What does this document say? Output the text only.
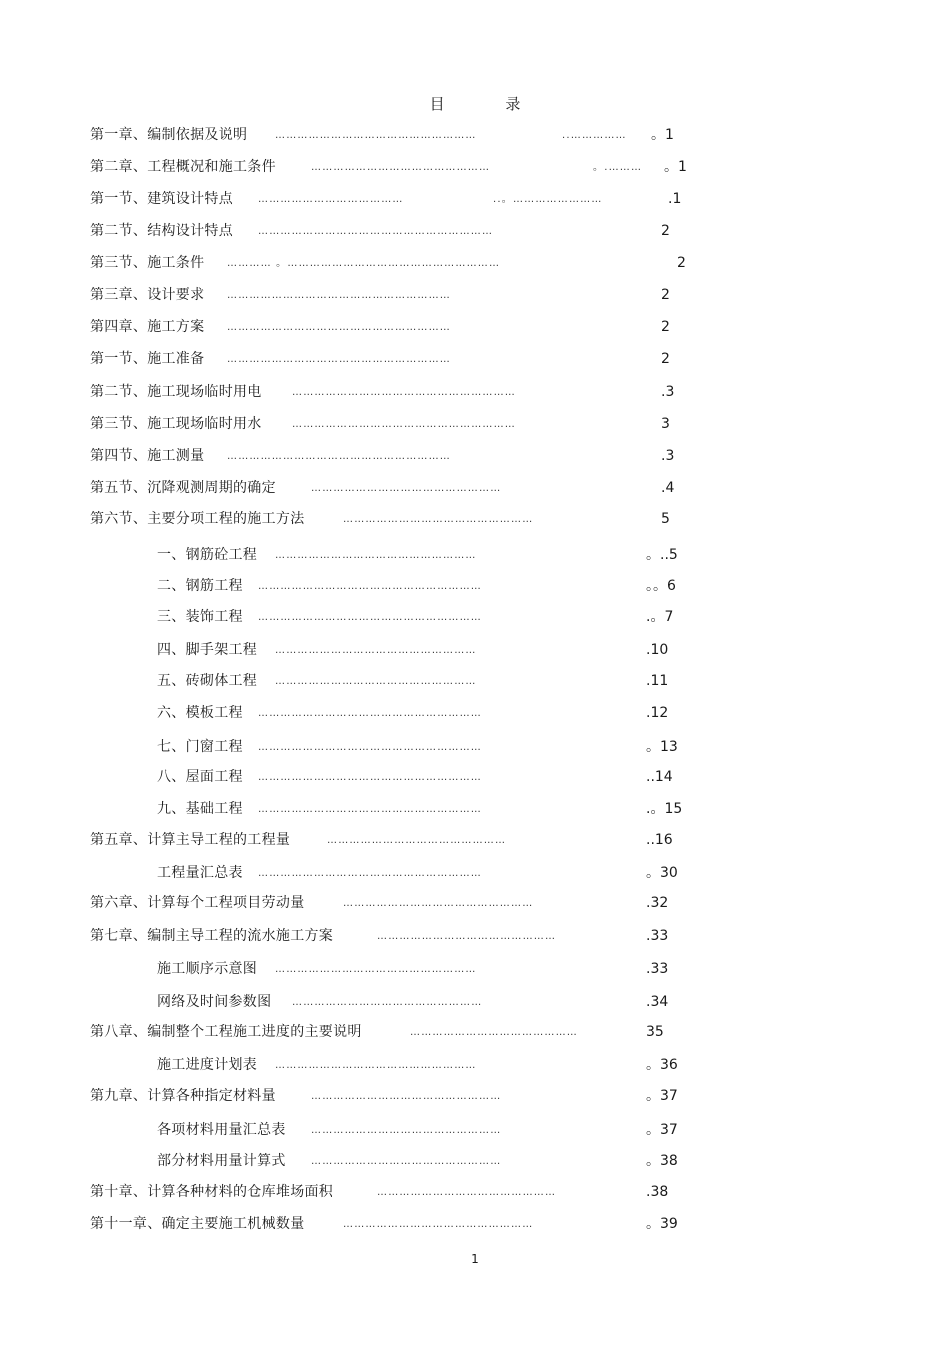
目 录
第一章、编制依据及说明	………………………………………………	..…………… 。1
第二章、工程概况和施工条件	…………………………………………	。.……… 。1
第一节、建筑设计特点	…………………………………	..。……………………	.1
第二节、结构设计特点	………………………………………………………	2
第三节、施工条件 ………… 。…………………………………………………	2
第三章、设计要求 ……………………………………………………	2
第四章、施工方案 ……………………………………………………	2
第一节、施工准备 ……………………………………………………	2
第二节、施工现场临时用电	……………………………………………………	.3
第三节、施工现场临时用水	……………………………………………………	3
第四节、施工测量 ……………………………………………………	.3
第五节、沉降观测周期的确定	……………………………………………	.4
第六节、主要分项工程的施工方法	……………………………………………	5
一、钢筋砼工程 ………………………………………………	。..5
二、钢筋工程 ……………………………………………………	。。6
三、装饰工程 ……………………………………………………	.。7
四、脚手架工程 ………………………………………………	.10
五、砖砌体工程 ………………………………………………	.11
六、模板工程 ……………………………………………………	.12
七、门窗工程 ……………………………………………………	。13
八、屋面工程 ……………………………………………………	..14
九、基础工程 ……………………………………………………	.。15
第五章、计算主导工程的工程量	…………………………………………	..16
工程量汇总表 ……………………………………………………	。30
第六章、计算每个工程项目劳动量	……………………………………………	.32
第七章、编制主导工程的流水施工方案	…………………………………………	.33
施工顺序示意图 ………………………………………………	.33
网络及时间参数图 ……………………………………………	.34
第八章、编制整个工程施工进度的主要说明	………………………………………	35
施工进度计划表 ………………………………………………	。36
第九章、计算各种指定材料量	……………………………………………	。37
各项材料用量汇总表	……………………………………………	。37
部分材料用量计算式	……………………………………………	。38
第十章、计算各种材料的仓库堆场面积	…………………………………………	.38
第十一章、确定主要施工机械数量	……………………………………………	。39
1
